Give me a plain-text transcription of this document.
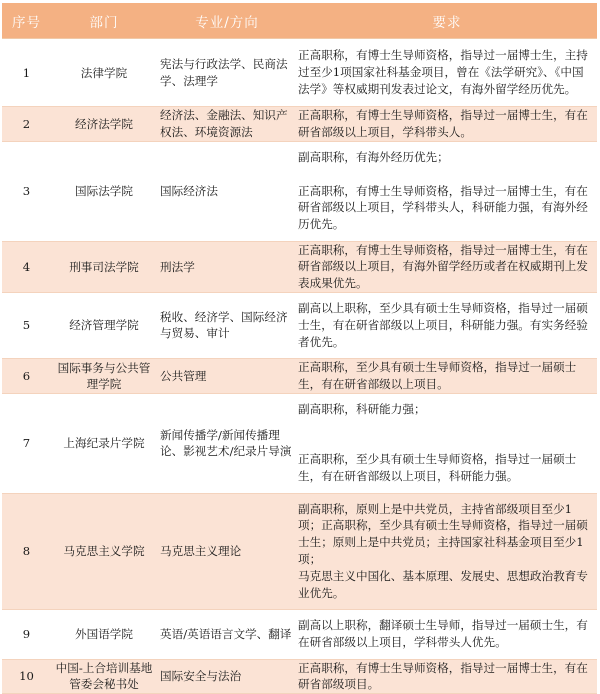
序号	部门	专业/方向	要求
1	法律学院	宪法与行政法学、民商法学、法理学	正高职称，有博士生导师资格，指导过一届博士生，主持过至少1项国家社科基金项目，曾在《法学研究》、《中国法学》等权威期刊发表过论文，有海外留学经历优先。

2	经济法学院	经济法、金融法、知识产权法、环境资源法	正高职称，有博士生导师资格，指导过一届博士生，有在研省部级以上项目，学科带头人。

3	国际法学院	国际经济法	副高职称，有海外经历优先；
正高职称，有博士生导师资格，指导过一届博士生，有在研省部级以上项目，学科带头人，科研能力强，有海外经历优先。

4	刑事司法学院	刑法学	正高职称，有博士生导师资格，指导过一届博士生，有在研省部级以上项目，有海外留学经历或者在权威期刊上发表成果优先。

5	经济管理学院	税收、经济学、国际经济与贸易、审计	副高以上职称，至少具有硕士生导师资格，指导过一届硕士生，有在研省部级以上项目，科研能力强。有实务经验者优先。

6	国际事务与公共管理学院	公共管理	正高职称，至少具有硕士生导师资格，指导过一届硕士生，有在研省部级以上项目。

7	上海纪录片学院	新闻传播学/新闻传播理论、影视艺术/纪录片导演	副高职称，科研能力强；
正高职称，至少具有硕士生导师资格，指导过一届硕士生，有在研省部级以上项目，科研能力强。

8	马克思主义学院	马克思主义理论	副高职称，原则上是中共党员，主持省部级项目至少1项；正高职称，至少具有硕士生导师资格，指导过一届硕士生；原则上是中共党员；主持国家社科基金项目至少1项；
马克思主义中国化、基本原理、发展史、思想政治教育专业优先。

9	外国语学院	英语/英语语言文学、翻译	副高以上职称，翻译硕士生导师，指导过一届硕士生，有在研省部级以上项目，学科带头人优先。

10	中国-上合培训基地管委会秘书处	国际安全与法治	正高职称，有博士生导师资格，指导过一届博士生，有在研省部级项目。
